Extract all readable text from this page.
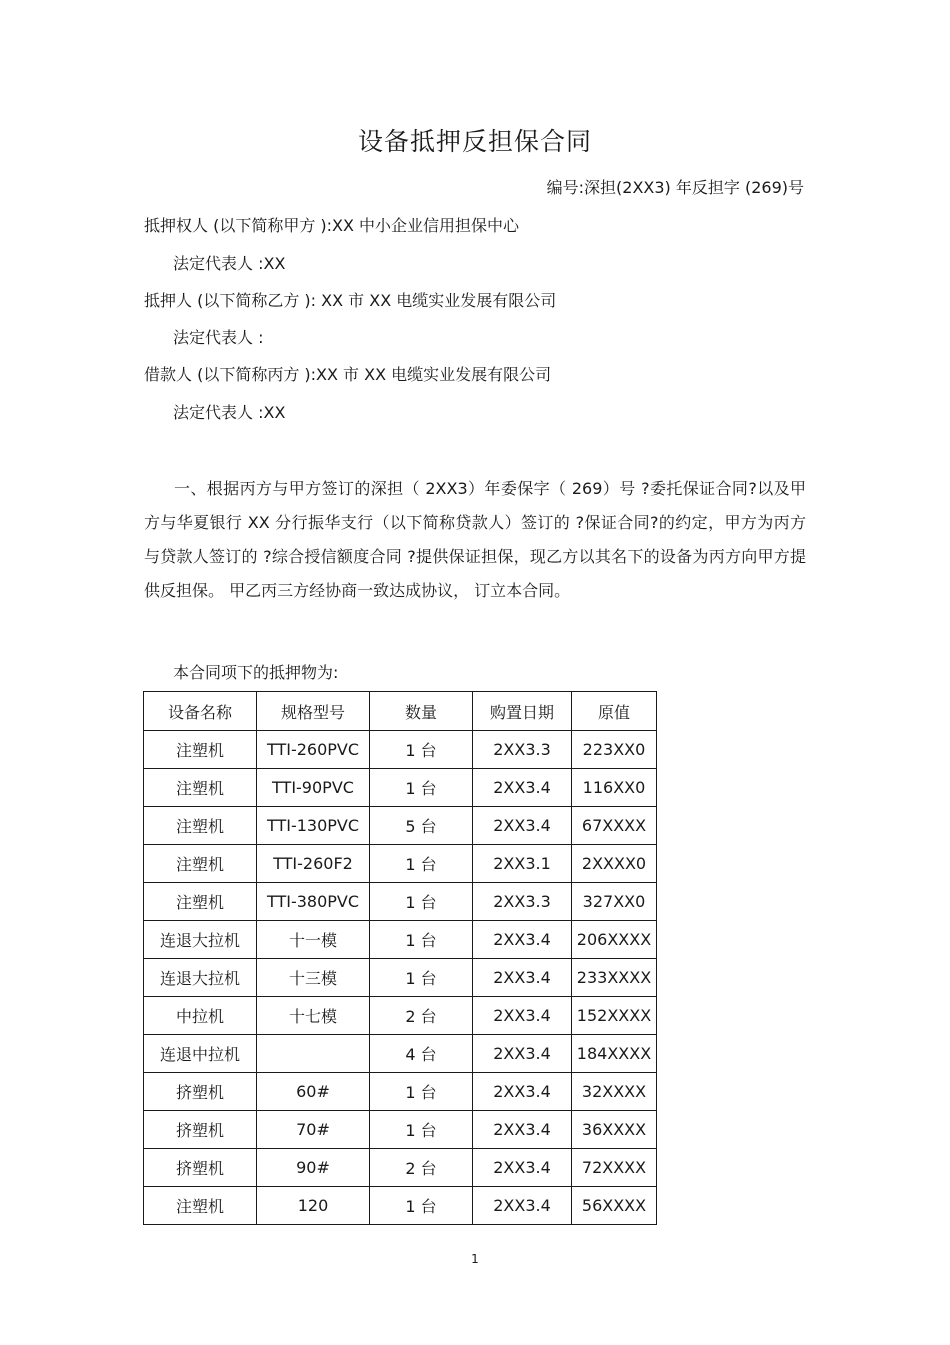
设备抵押反担保合同
编号:深担(2XX3) 年反担字 (269)号
抵押权人 (以下简称甲方 ):XX 中小企业信用担保中心
法定代表人 :XX
抵押人 (以下简称乙方 ): XX 市 XX 电缆实业发展有限公司
法定代表人 :
借款人 (以下简称丙方 ):XX 市 XX 电缆实业发展有限公司
法定代表人 :XX
一、根据丙方与甲方签订的深担（ 2XX3）年委保字（ 269）号 ?委托保证合同?以及甲方与华夏银行 XX 分行振华支行（以下简称贷款人）签订的 ?保证合同?的约定，甲方为丙方与贷款人签订的 ?综合授信额度合同 ?提供保证担保，现乙方以其名下的设备为丙方向甲方提供反担保。 甲乙丙三方经协商一致达成协议， 订立本合同。
本合同项下的抵押物为:
设备名称	规格型号	数量	购置日期	原值
注塑机	TTI-260PVC	1 台	2XX3.3	223XX0
注塑机	TTI-90PVC	1 台	2XX3.4	116XX0
注塑机	TTI-130PVC	5 台	2XX3.4	67XXXX
注塑机	TTI-260F2	1 台	2XX3.1	2XXXX0
注塑机	TTI-380PVC	1 台	2XX3.3	327XX0
连退大拉机	十一模	1 台	2XX3.4	206XXXX
连退大拉机	十三模	1 台	2XX3.4	233XXXX
中拉机	十七模	2 台	2XX3.4	152XXXX
连退中拉机		4 台	2XX3.4	184XXXX
挤塑机	60#	1 台	2XX3.4	32XXXX
挤塑机	70#	1 台	2XX3.4	36XXXX
挤塑机	90#	2 台	2XX3.4	72XXXX
注塑机	120	1 台	2XX3.4	56XXXX
1
